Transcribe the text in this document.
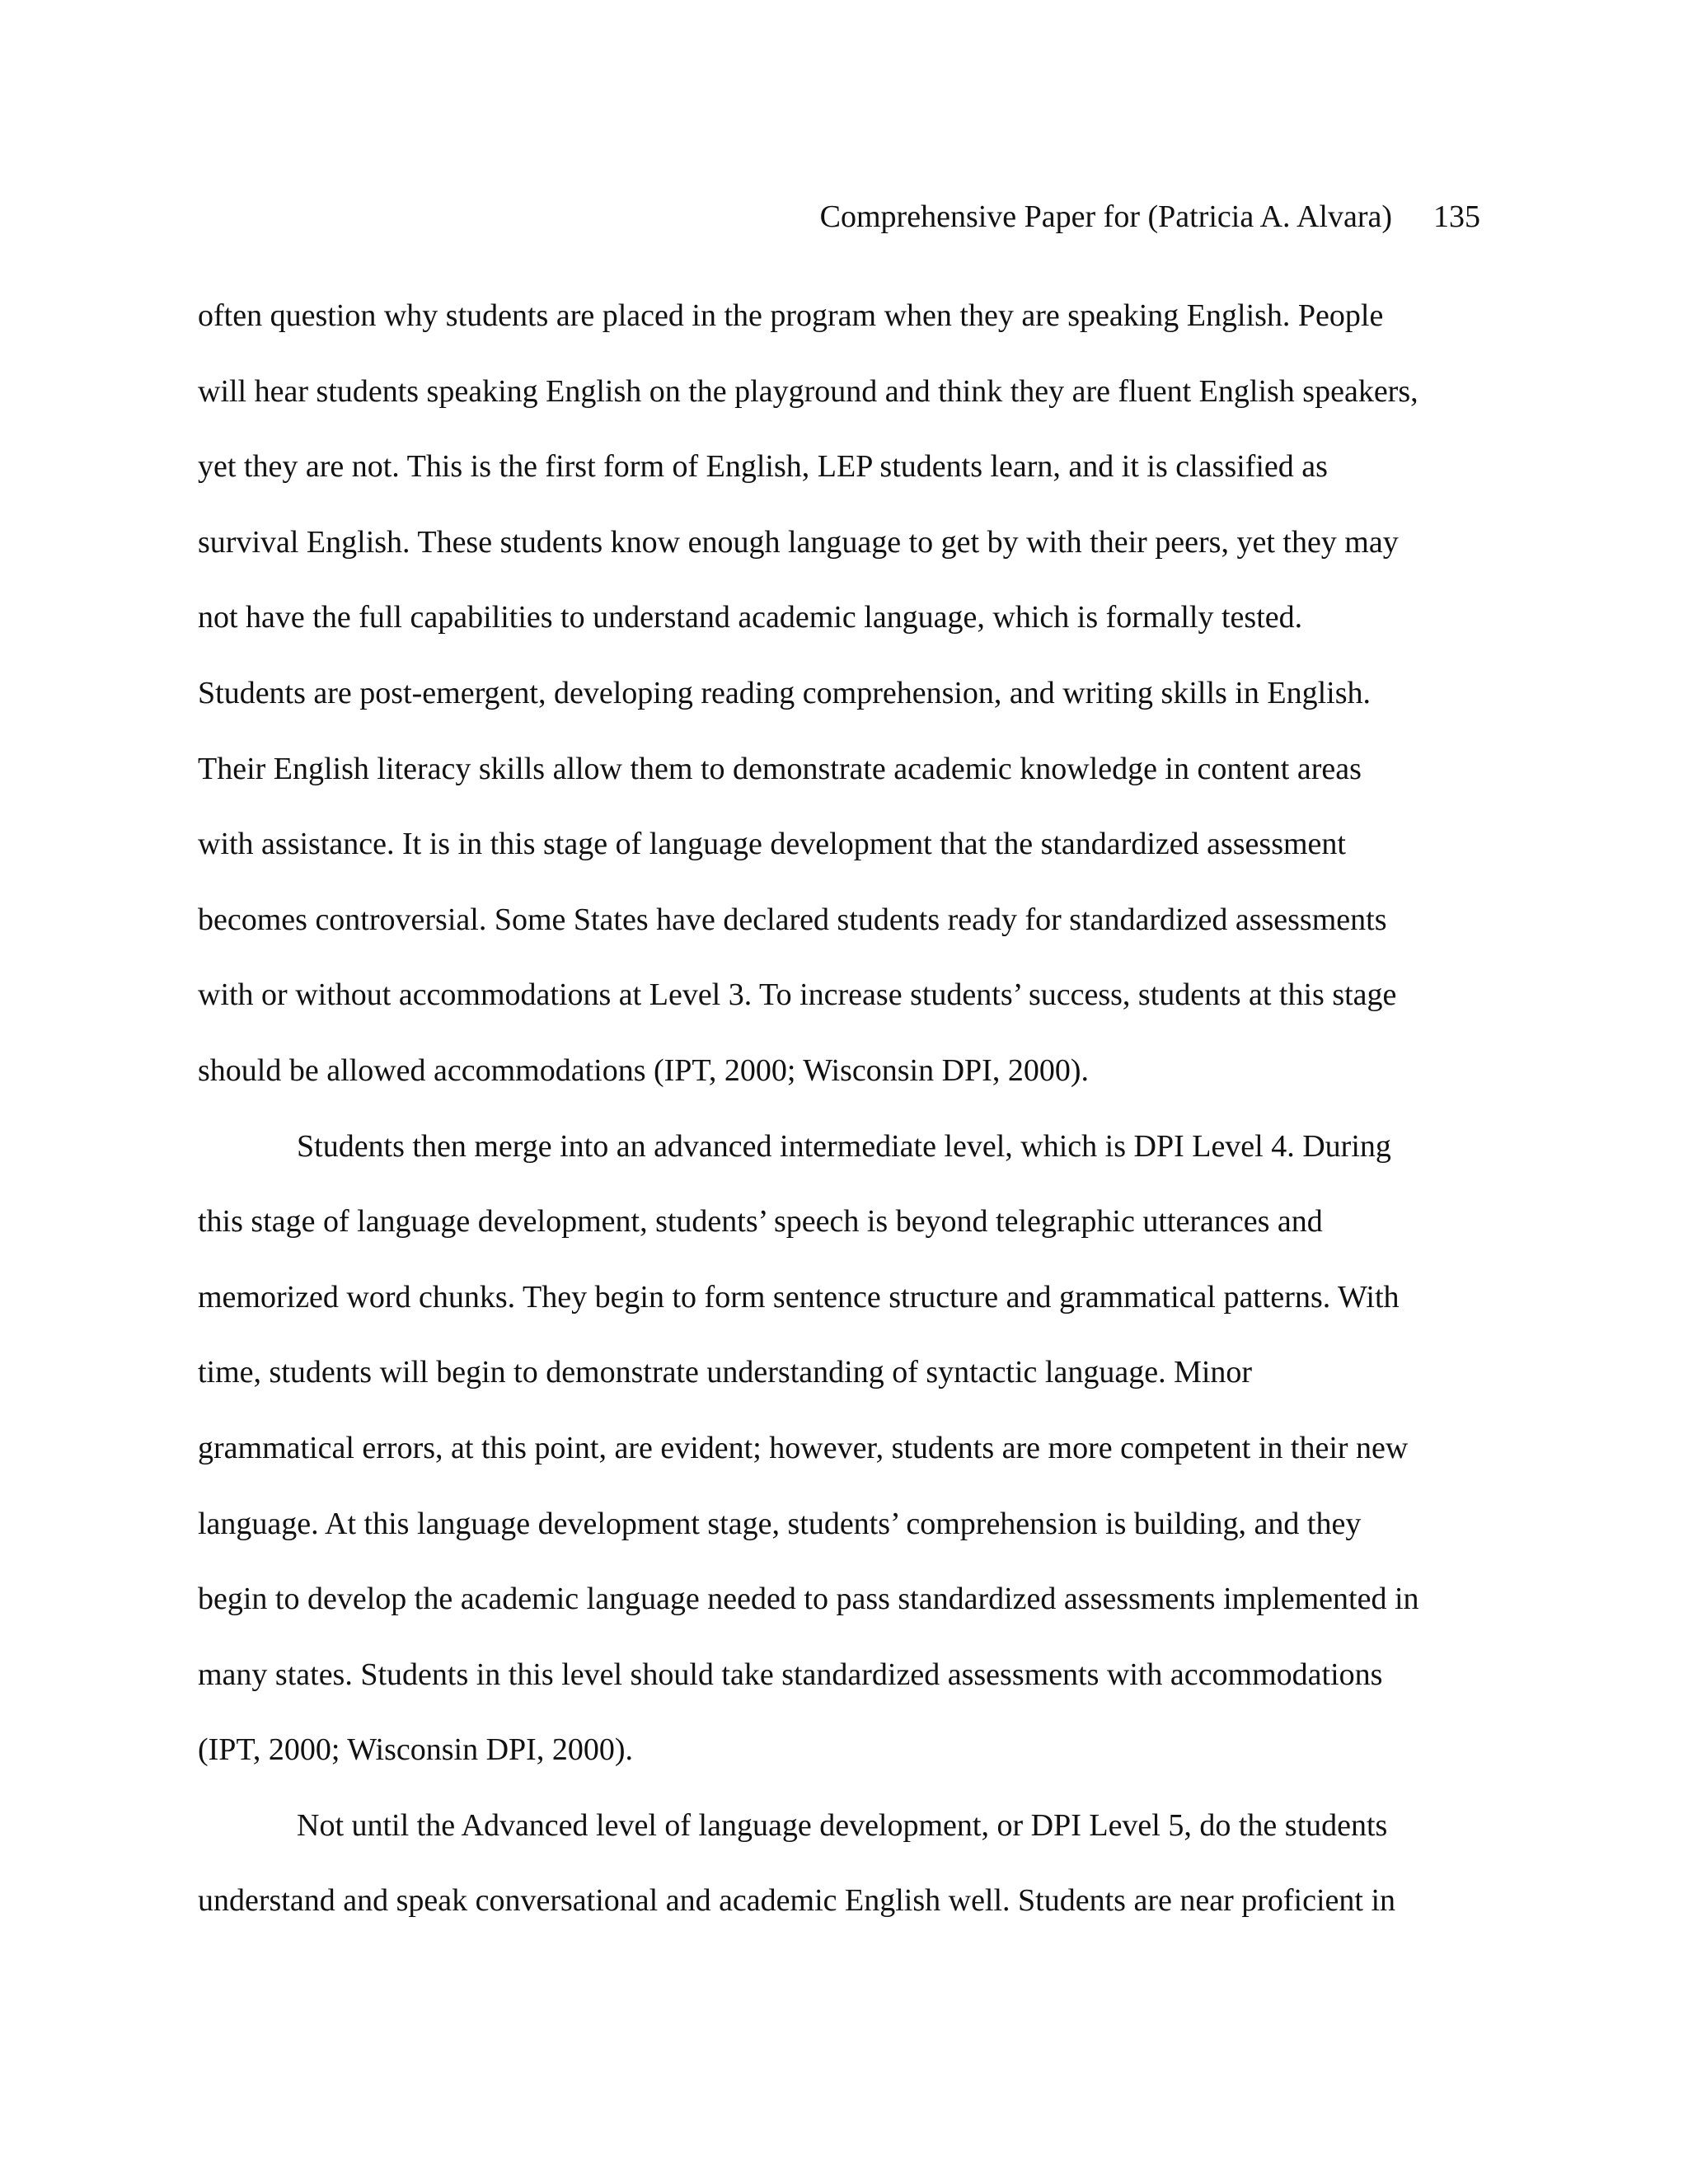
Comprehensive Paper for (Patricia A. Alvara) 135
often question why students are placed in the program when they are speaking English. People
will hear students speaking English on the playground and think they are fluent English speakers,
yet they are not. This is the first form of English, LEP students learn, and it is classified as
survival English. These students know enough language to get by with their peers, yet they may
not have the full capabilities to understand academic language, which is formally tested.
Students are post-emergent, developing reading comprehension, and writing skills in English.
Their English literacy skills allow them to demonstrate academic knowledge in content areas
with assistance. It is in this stage of language development that the standardized assessment
becomes controversial. Some States have declared students ready for standardized assessments
with or without accommodations at Level 3. To increase students’ success, students at this stage
should be allowed accommodations (IPT, 2000; Wisconsin DPI, 2000).
Students then merge into an advanced intermediate level, which is DPI Level 4. During
this stage of language development, students’ speech is beyond telegraphic utterances and
memorized word chunks. They begin to form sentence structure and grammatical patterns. With
time, students will begin to demonstrate understanding of syntactic language. Minor
grammatical errors, at this point, are evident; however, students are more competent in their new
language. At this language development stage, students’ comprehension is building, and they
begin to develop the academic language needed to pass standardized assessments implemented in
many states. Students in this level should take standardized assessments with accommodations
(IPT, 2000; Wisconsin DPI, 2000).
Not until the Advanced level of language development, or DPI Level 5, do the students
understand and speak conversational and academic English well. Students are near proficient in
